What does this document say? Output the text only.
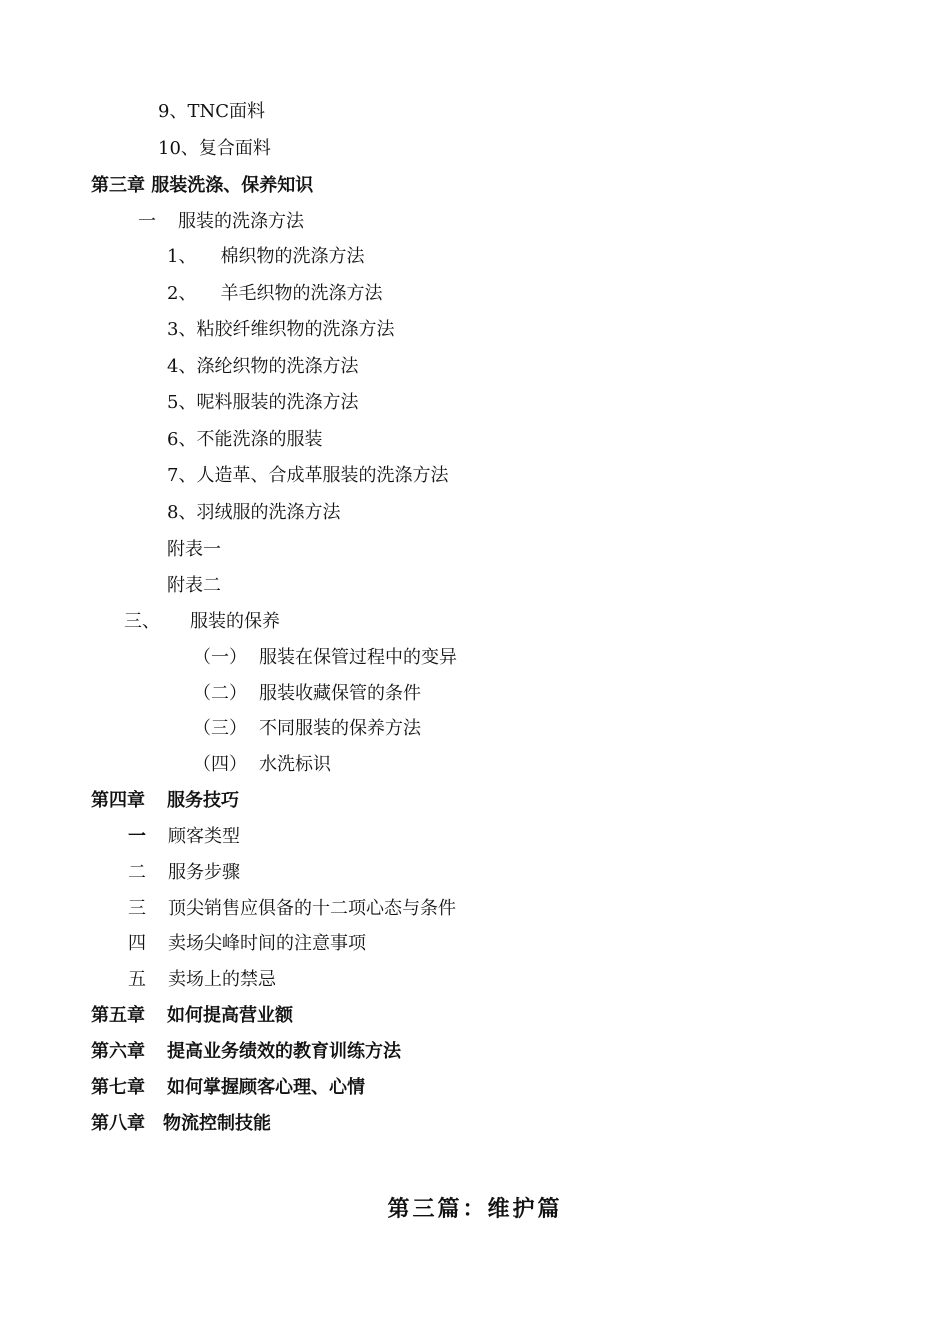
9、TNC面料
10、复合面料
第三章 服装洗涤、保养知识
一 服装的洗涤方法
1、 棉织物的洗涤方法
2、 羊毛织物的洗涤方法
3、粘胶纤维织物的洗涤方法
4、涤纶织物的洗涤方法
5、呢料服装的洗涤方法
6、不能洗涤的服装
7、人造革、合成革服装的洗涤方法
8、羽绒服的洗涤方法
附表一
附表二
三、 服装的保养
（一） 服装在保管过程中的变异
（二） 服装收藏保管的条件
（三） 不同服装的保养方法
（四） 水洗标识
第四章 服务技巧
一 顾客类型
二 服务步骤
三 顶尖销售应俱备的十二项心态与条件
四 卖场尖峰时间的注意事项
五 卖场上的禁忌
第五章 如何提高营业额
第六章 提高业务绩效的教育训练方法
第七章 如何掌握顾客心理、心情
第八章 物流控制技能
第三篇：维护篇
